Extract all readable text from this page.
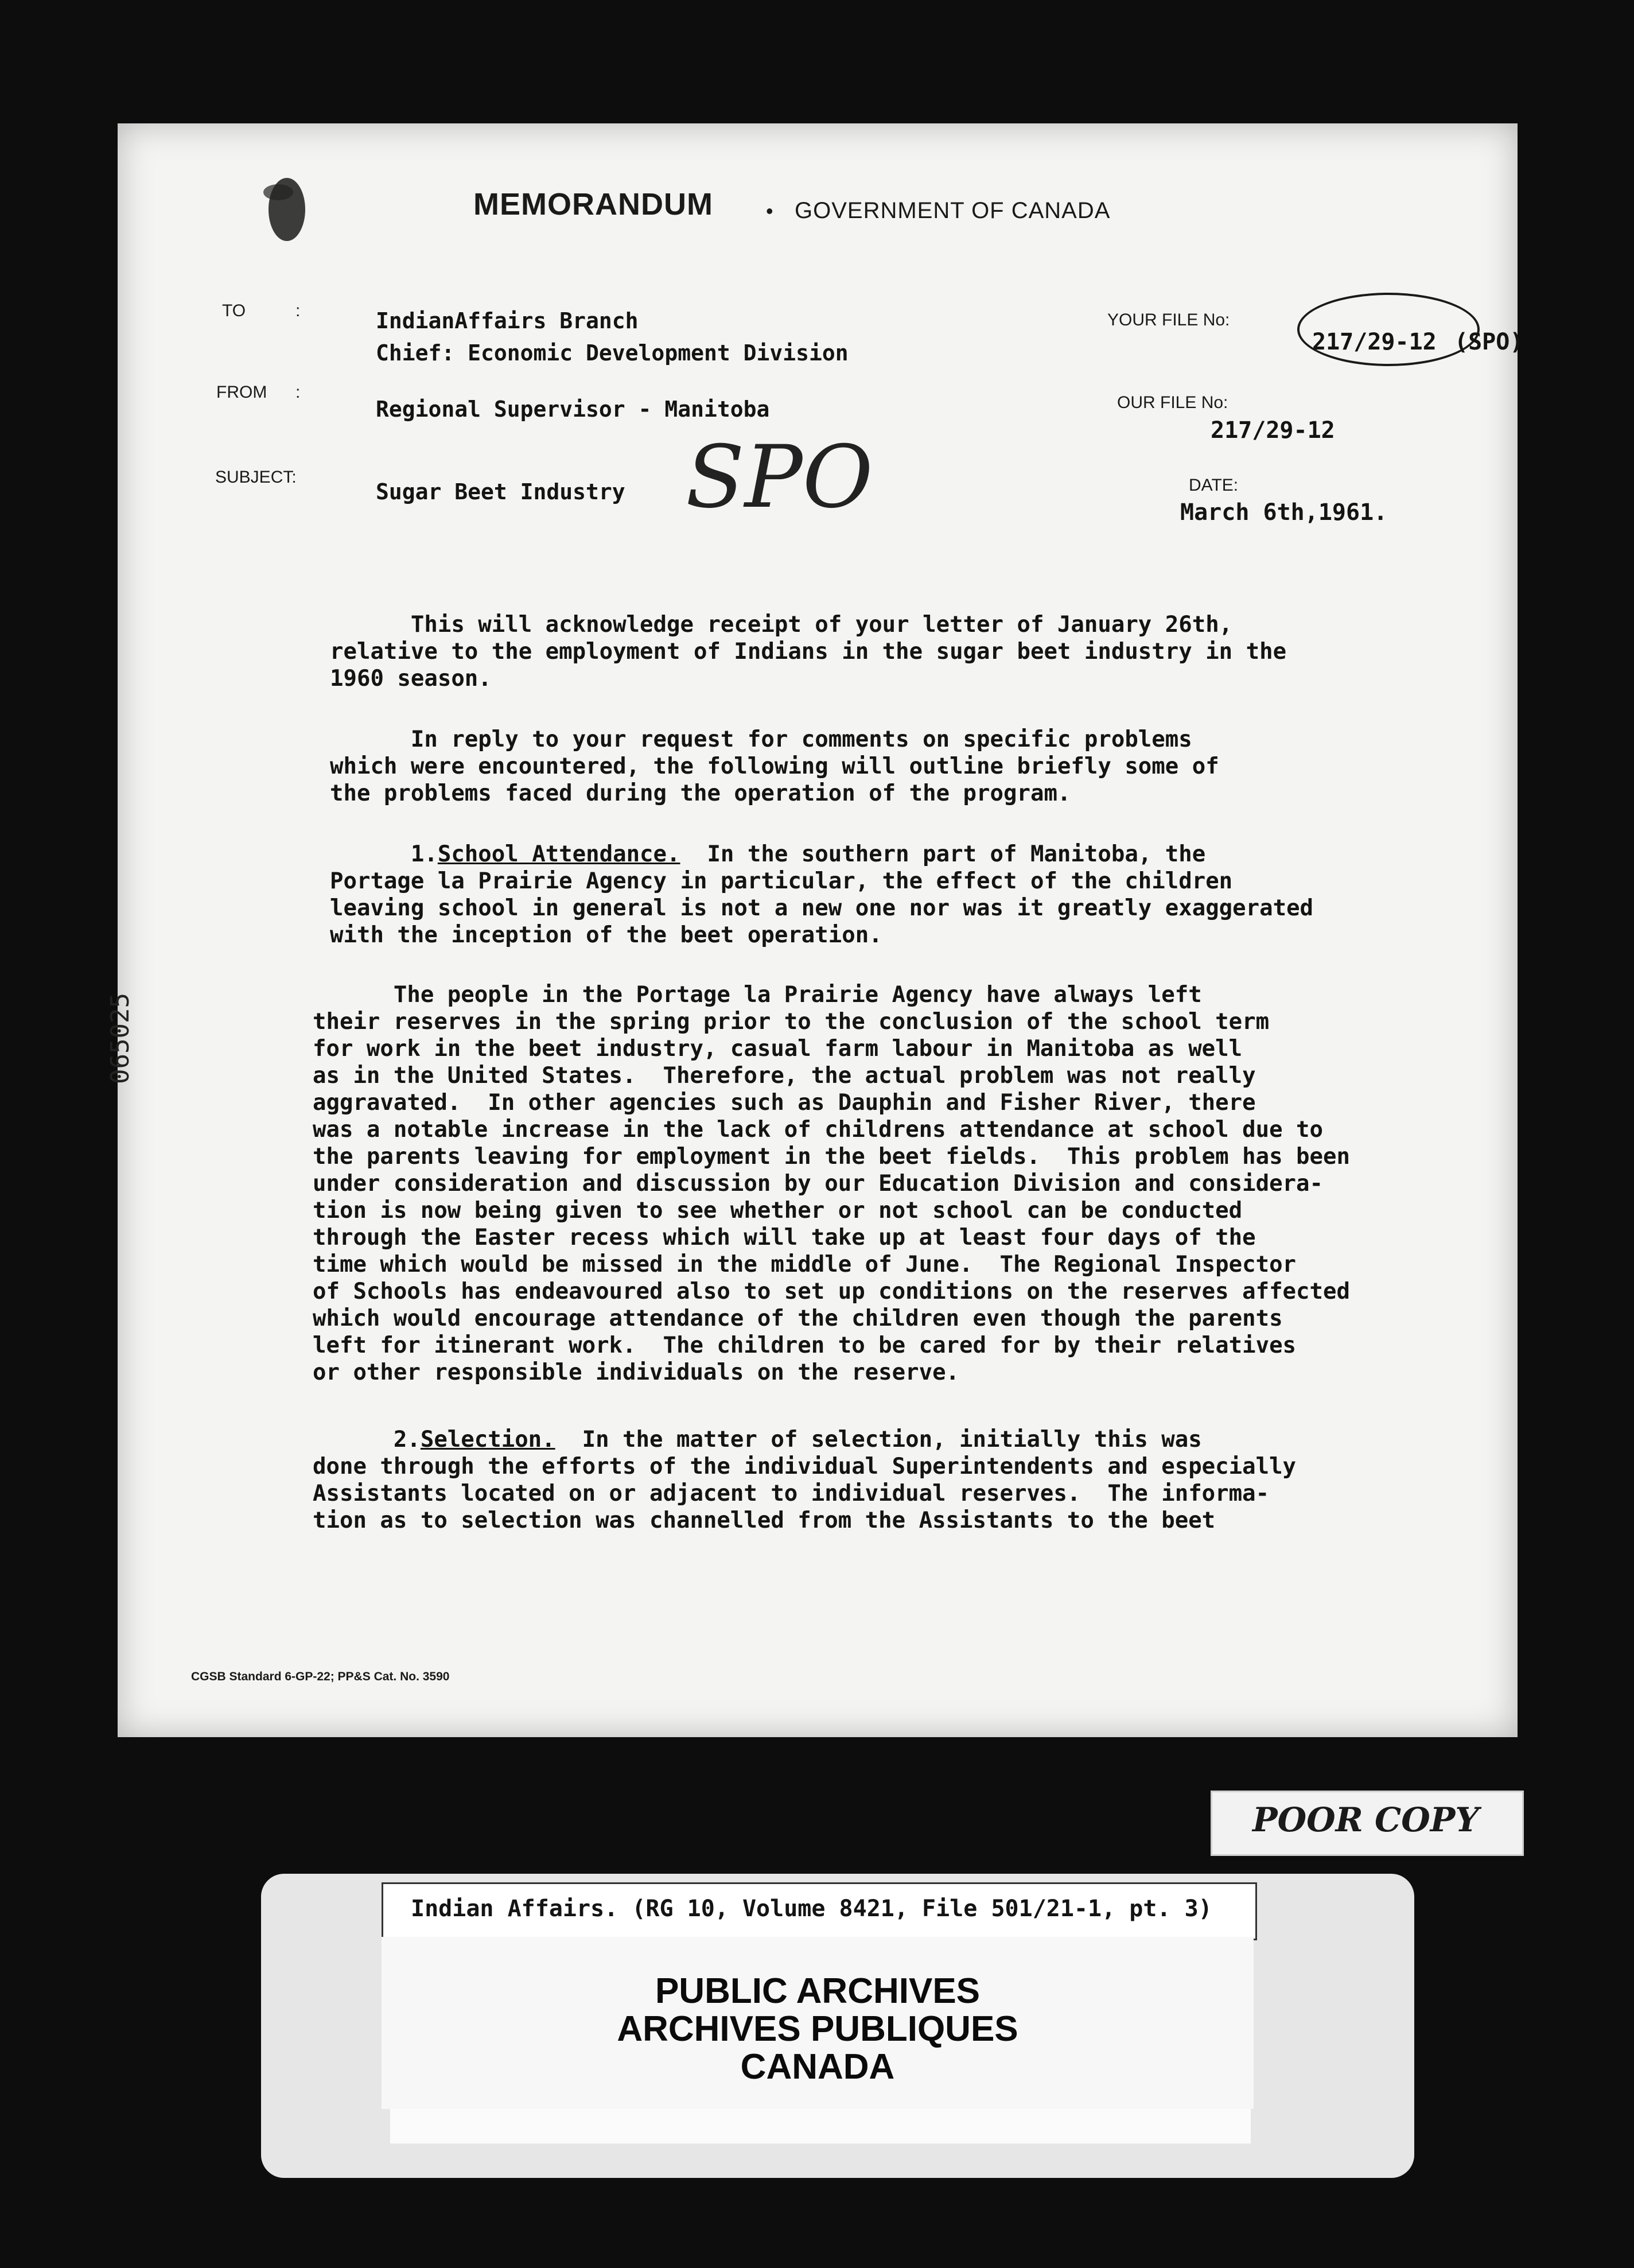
MEMORANDUM	• GOVERNMENT OF CANADA
TO	:	IndianAffairs Branch
Chief: Economic Development Division
FROM :
Regional Supervisor - Manitoba
SUBJECT:
Sugar Beet Industry SPO
YOUR FILE No:
217/29-12 (SPO)
OUR FILE No:
217/29-12
DATE:
March 6th,1961.
This will acknowledge receipt of your letter of January 26th,
relative to the employment of Indians in the sugar beet industry in the
1960 season.
In reply to your request for comments on specific problems
which were encountered, the following will outline briefly some of
the problems faced during the operation of the program.
1.School Attendance.  In the southern part of Manitoba, the
Portage la Prairie Agency in particular, the effect of the children
leaving school in general is not a new one nor was it greatly exaggerated
with the inception of the beet operation.
The people in the Portage la Prairie Agency have always left
their reserves in the spring prior to the conclusion of the school term
for work in the beet industry, casual farm labour in Manitoba as well
as in the United States.  Therefore, the actual problem was not really
aggravated.  In other agencies such as Dauphin and Fisher River, there
was a notable increase in the lack of childrens attendance at school due to
the parents leaving for employment in the beet fields.  This problem has been
under consideration and discussion by our Education Division and considera-
tion is now being given to see whether or not school can be conducted
through the Easter recess which will take up at least four days of the
time which would be missed in the middle of June.  The Regional Inspector
of Schools has endeavoured also to set up conditions on the reserves affected
which would encourage attendance of the children even though the parents
left for itinerant work.  The children to be cared for by their relatives
or other responsible individuals on the reserve.
2.Selection.  In the matter of selection, initially this was
done through the efforts of the individual Superintendents and especially
Assistants located on or adjacent to individual reserves.  The informa-
tion as to selection was channelled from the Assistants to the beet
CGSB Standard 6-GP-22; PP&S Cat. No. 3590
065025
POOR COPY
Indian Affairs. (RG 10, Volume 8421, File 501/21-1, pt. 3)
PUBLIC ARCHIVES
ARCHIVES PUBLIQUES
CANADA
